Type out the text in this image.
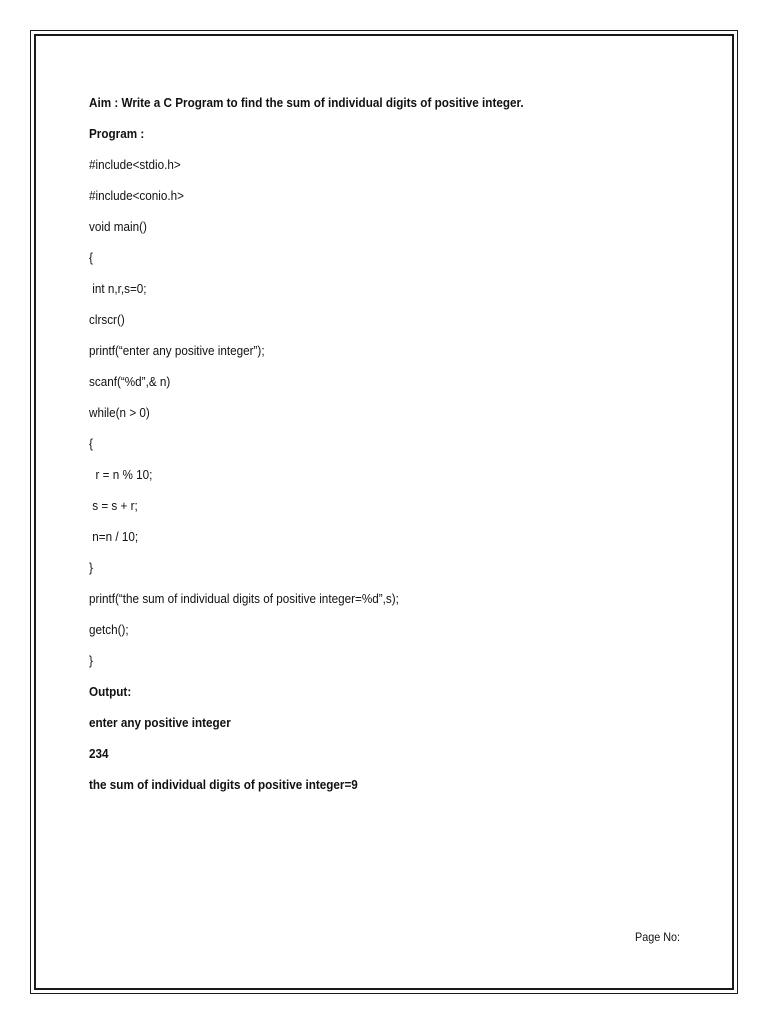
Aim : Write a C Program to find the sum of individual digits of positive integer.
Program :
#include<stdio.h>
#include<conio.h>
void main()
{
int n,r,s=0;
clrscr()
printf(“enter any positive integer”);
scanf(“%d”,& n)
while(n > 0)
{
r = n % 10;
s = s + r;
n=n / 10;
}
printf(“the sum of individual digits of positive integer=%d”,s);
getch();
}
Output:
enter any positive integer
234
the sum of individual digits of positive integer=9
Page No:
